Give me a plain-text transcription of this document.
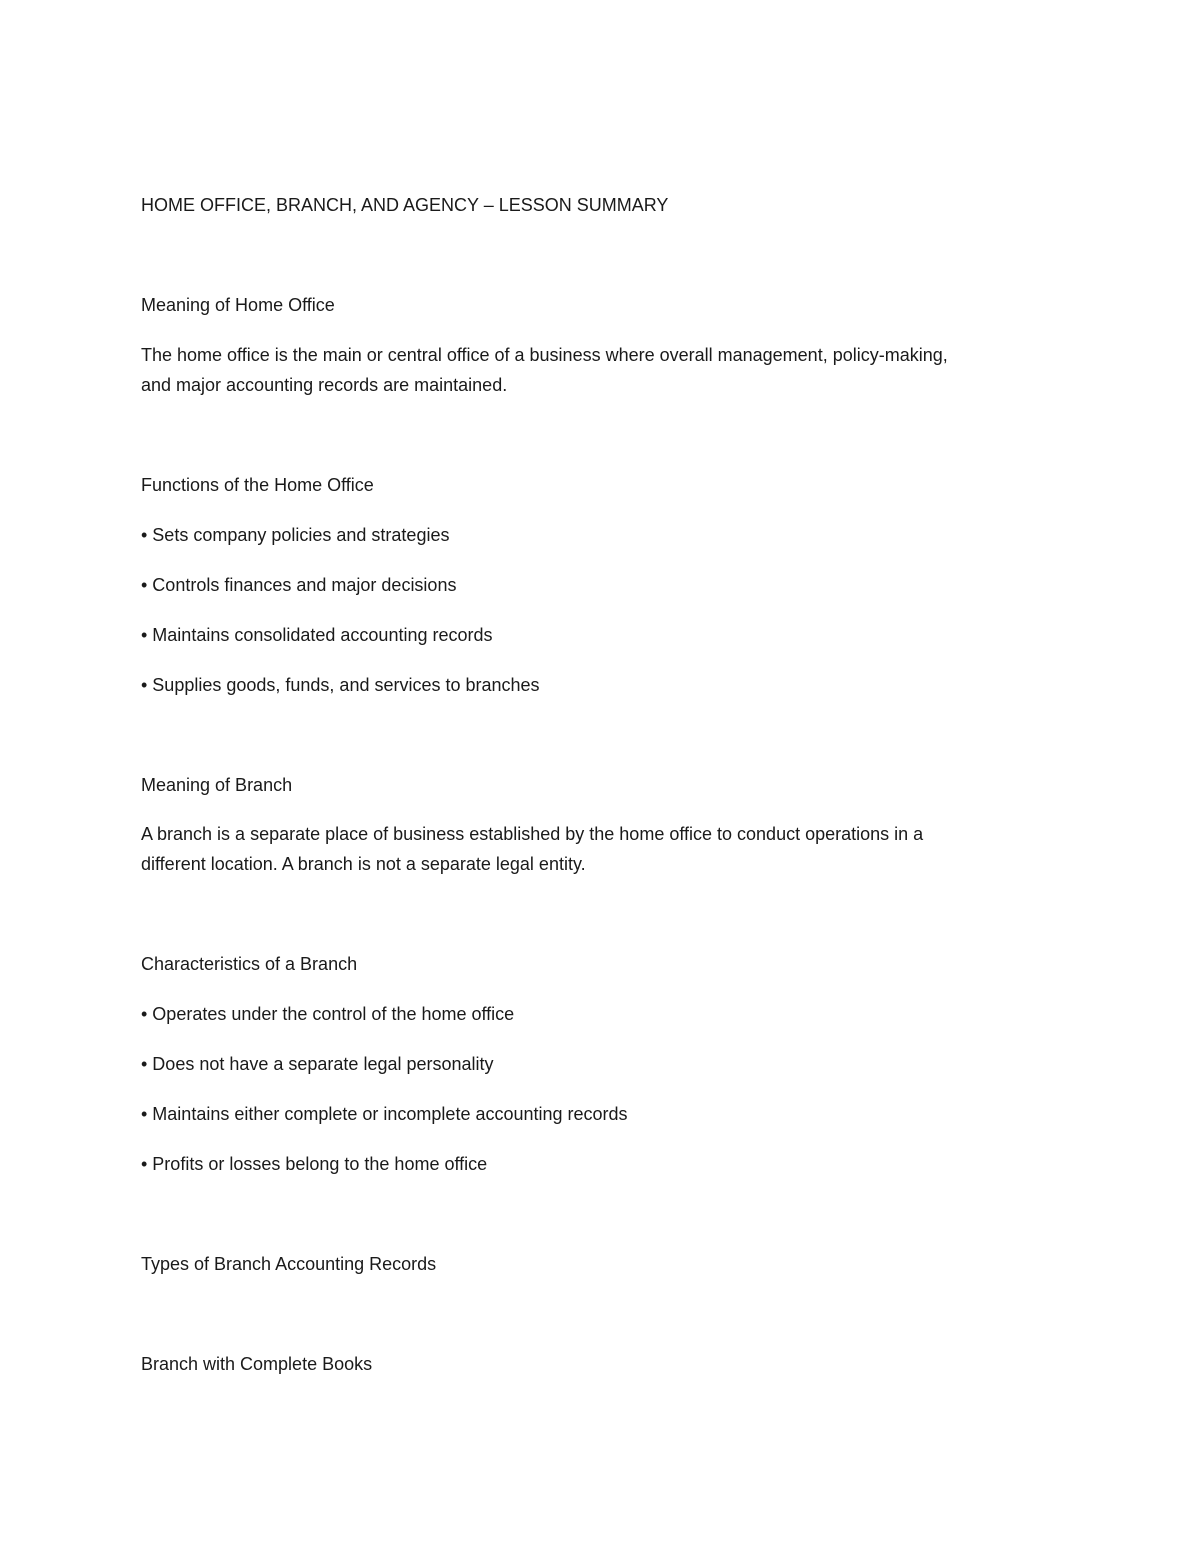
HOME OFFICE, BRANCH, AND AGENCY – LESSON SUMMARY
Meaning of Home Office
The home office is the main or central office of a business where overall management, policy-making,
and major accounting records are maintained.
Functions of the Home Office
• Sets company policies and strategies
• Controls finances and major decisions
• Maintains consolidated accounting records
• Supplies goods, funds, and services to branches
Meaning of Branch
A branch is a separate place of business established by the home office to conduct operations in a
different location. A branch is not a separate legal entity.
Characteristics of a Branch
• Operates under the control of the home office
• Does not have a separate legal personality
• Maintains either complete or incomplete accounting records
• Profits or losses belong to the home office
Types of Branch Accounting Records
Branch with Complete Books
